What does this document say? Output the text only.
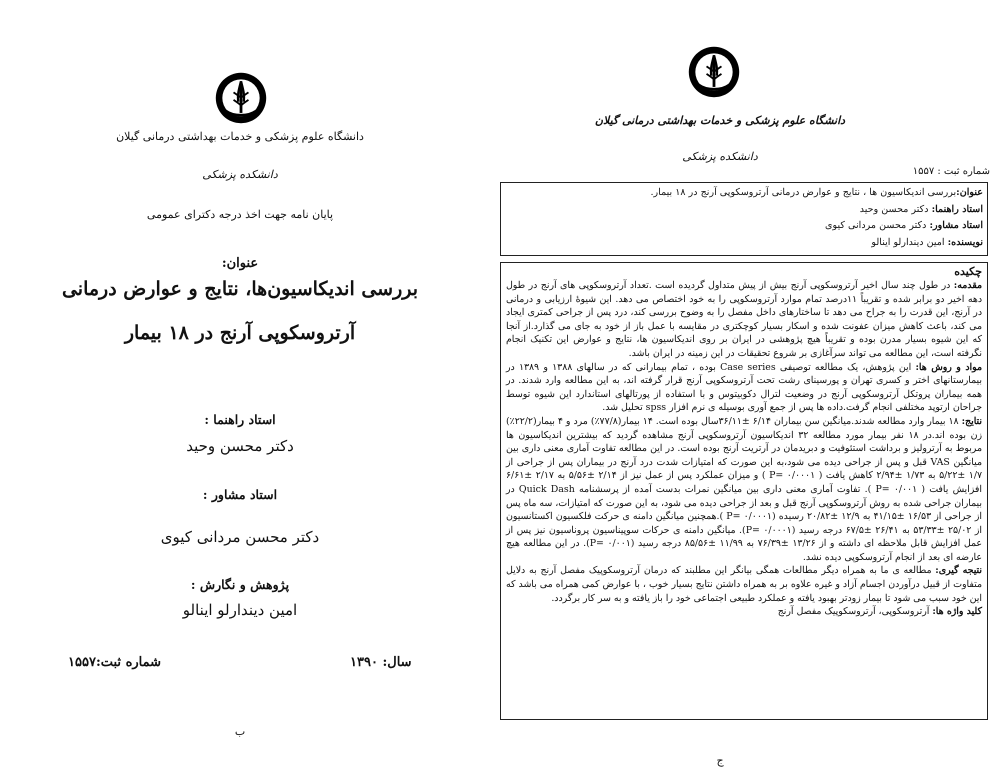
دانشگاه علوم پزشکی و خدمات بهداشتی درمانی گیلان
دانشکده پزشکی
پایان نامه جهت اخذ درجه دکترای عمومی
عنوان:
بررسی اندیکاسیون‌ها، نتایج و عوارض درمانی
آرتروسکوپی آرنج در ۱۸ بیمار
استاد راهنما :
دکتر محسن وحید
استاد مشاور :
دکتر محسن مردانی کیوی
پژوهش و نگارش :
امین دیندارلو اینالو
سال: ۱۳۹۰
شماره ثبت:۱۵۵۷
ب
دانشگاه علوم پزشکی و خدمات بهداشتی درمانی گیلان
دانشکده پزشکی
شماره ثبت : ۱۵۵۷
عنوان:بررسی اندیکاسیون ها ، نتایج و عوارض درمانی آرتروسکوپی آرنج در ۱۸ بیمار.
استاد راهنما: دکتر محسن وحید
استاد مشاور: دکتر محسن مردانی کیوی
نویسنده: امین دیندارلو اینالو
چکیده

مقدمه: در طول چند سال اخیر آرتروسکوپی آرنج بیش از پیش متداول گردیده است .تعداد آرتروسکوپی های آرنج در طول دهه اخیر دو برابر شده و تقریباً ۱۱درصد تمام موارد آرتروسکوپی را به خود اختصاص می دهد. این شیوهٔ ارزیابی و درمانی در آرنج، این قدرت را به جراح می دهد تا ساختارهای داخل مفصل را به وضوح بررسی کند، درد پس از جراحی کمتری ایجاد می کند، باعث کاهش میزان عفونت شده و اسکار بسیار کوچکتری در مقایسه با عمل باز از خود به جای می گذارد.از آنجا که این شیوه بسیار مدرن بوده و تقریباً هیچ پژوهشی در ایران بر روی اندیکاسیون ها، نتایج و عوارض این تکنیک انجام نگرفته است، این مطالعه می تواند سرآغازی بر شروع تحقیقات در این زمینه در ایران باشد.

مواد و روش ها: این پژوهش، یک مطالعه توصیفی Case series بوده ، تمام بیمارانی که در سالهای ۱۳۸۸ و ۱۳۸۹ در بیمارستانهای اختر و کسری تهران و پورسینای رشت تحت آرتروسکوپی آرنج قرار گرفته اند، به این مطالعه وارد شدند. در همه بیماران پروتکل آرتروسکوپی آرنج در وضعیت لترال دکوبیتوس و با استفاده از پورتالهای استاندارد این شیوه توسط جراحان ارتوپد مختلفی انجام گرفت.داده ها پس از جمع آوری بوسیله ی نرم افزار spss تحلیل شد.

نتایج: ۱۸ بیمار وارد مطالعه شدند.میانگین سن بیماران ۶/۱۴ ±۳۶/۱۱سال بوده است. ۱۴ بیمار(۷۷/۸٪) مرد و ۴ بیمار(۲۲/۲٪) زن بوده اند.در ۱۸ نفر بیمار مورد مطالعه ۳۲ اندیکاسیون آرتروسکوپی آرنج مشاهده گردید که بیشترین اندیکاسیون ها مربوط به آرتروليز و برداشت استئوفیت و دبریدمان در آرتریت آرنج بوده است. در این مطالعه تفاوت آماری معنی داری بین میانگین VAS قبل و پس از جراحی دیده می شود،به این صورت که امتیازات شدت درد آرنج در بیماران پس از جراحی از ۱/۷ ±۵/۲۲ به ۱/۷۳ ±۲/۹۴ کاهش یافت ( P= ۰/۰۰۰۱ ) و میزان عملکرد پس از عمل نیز از ۲/۱۴ ±۵/۵۶ به ۲/۱۷ ±۶/۶۱ افزایش یافت ( P= ۰/۰۰۱ ). تفاوت آماری معنی داری بین میانگین نمرات بدست آمده از پرسشنامه Quick Dash در بیماران جراحی شده به روش آرتروسکوپی آرنج قبل و بعد از جراحی دیده می شود، به این صورت که امتیازات، سه ماه پس از جراحی از ۱۶/۵۳ ±۴۱/۱۵ به ۱۲/۹ ±۲۰/۸۲ رسیده (P= ۰/۰۰۰۱ ).همچنین میانگین دامنه ی حرکت فلکسیون اکستانسیون از ۲۵/۰۲ ±۵۳/۳۳ به ۲۶/۴۱ ±۶۷/۵ درجه رسید (P= ۰/۰۰۰۱). میانگین دامنه ی حرکات سوپیناسیون پروناسیون نیز پس از عمل افزایش قابل ملاحظه ای داشته و از ۱۳/۲۶ ±۷۶/۳۹ به ۱۱/۹۹ ±۸۵/۵۶ درجه رسید (P= ۰/۰۰۱). در این مطالعه هیچ عارضه ای بعد از انجام آرتروسکوپی دیده نشد.

نتیجه گیری: مطالعه ی ما به همراه دیگر مطالعات همگی بیانگر این مطلبند که درمان آرتروسکوپیک مفصل آرنج به دلایل متفاوت از قبیل درآوردن اجسام آزاد و غیره علاوه بر به همراه داشتن نتایج بسیار خوب ، با عوارض کمی همراه می باشد که این خود سبب می شود تا بیمار زودتر بهبود یافته و عملکرد طبیعی اجتماعی خود را باز یافته و به سر کار برگردد.

کلید واژه ها: آرتروسکوپی، آرتروسکوپیک مفصل آرنج

ج
